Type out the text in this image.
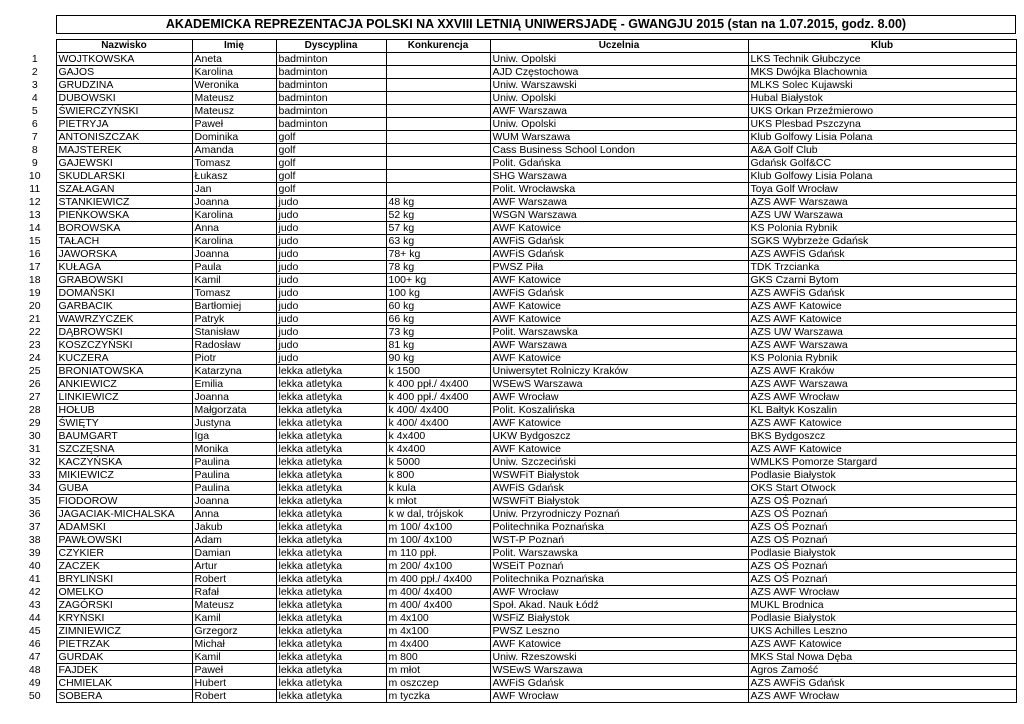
AKADEMICKA REPREZENTACJA POLSKI NA XXVIII LETNIĄ UNIWERSJADĘ - GWANGJU 2015 (stan na 1.07.2015, godz. 8.00)
	Nazwisko	Imię	Dyscyplina	Konkurencja	Uczelnia	Klub
1	WOJTKOWSKA	Aneta	badminton		Uniw. Opolski	LKS Technik Głubczyce
2	GAJOS	Karolina	badminton		AJD Częstochowa	MKS Dwójka Blachownia
3	GRUDZINA	Weronika	badminton		Uniw. Warszawski	MLKS Solec Kujawski
4	DUBOWSKI	Mateusz	badminton		Uniw. Opolski	Hubal Białystok
5	ŚWIERCZYŃSKI	Mateusz	badminton		AWF Warszawa	UKS Orkan Przeźmierowo
6	PIETRYJA	Paweł	badminton		Uniw. Opolski	UKS Plesbad Pszczyna
7	ANTONISZCZAK	Dominika	golf		WUM Warszawa	Klub Golfowy Lisia Polana
8	MAJSTEREK	Amanda	golf		Cass Business School London	A&A Golf Club
9	GAJEWSKI	Tomasz	golf		Polit. Gdańska	Gdańsk Golf&CC
10	SKUDLARSKI	Łukasz	golf		SHG Warszawa	Klub Golfowy Lisia Polana
11	SZAŁAGAN	Jan	golf		Polit. Wrocławska	Toya Golf Wrocław
12	STANKIEWICZ	Joanna	judo	48 kg	AWF Warszawa	AZS AWF Warszawa
13	PIEŃKOWSKA	Karolina	judo	52 kg	WSGN Warszawa	AZS UW Warszawa
14	BOROWSKA	Anna	judo	57 kg	AWF Katowice	KS Polonia Rybnik
15	TAŁACH	Karolina	judo	63 kg	AWFiS Gdańsk	SGKS Wybrzeże Gdańsk
16	JAWORSKA	Joanna	judo	78+ kg	AWFiS Gdańsk	AZS AWFiS Gdańsk
17	KUŁAGA	Paula	judo	78 kg	PWSZ Piła	TDK Trzcianka
18	GRABOWSKI	Kamil	judo	100+ kg	AWF Katowice	GKS Czarni Bytom
19	DOMAŃSKI	Tomasz	judo	100 kg	AWFiS Gdańsk	AZS AWFiS Gdańsk
20	GARBACIK	Bartłomiej	judo	60 kg	AWF Katowice	AZS AWF Katowice
21	WAWRZYCZEK	Patryk	judo	66 kg	AWF Katowice	AZS AWF Katowice
22	DĄBROWSKI	Stanisław	judo	73 kg	Polit. Warszawska	AZS UW Warszawa
23	KOSZCZYŃSKI	Radosław	judo	81 kg	AWF Warszawa	AZS AWF Warszawa
24	KUCZERA	Piotr	judo	90 kg	AWF Katowice	KS Polonia Rybnik
25	BRONIATOWSKA	Katarzyna	lekka atletyka	k 1500	Uniwersytet Rolniczy Kraków	AZS AWF Kraków
26	ANKIEWICZ	Emilia	lekka atletyka	k 400 ppł./ 4x400	WSEwS Warszawa	AZS AWF Warszawa
27	LINKIEWICZ	Joanna	lekka atletyka	k 400 ppł./ 4x400	AWF Wrocław	AZS AWF Wrocław
28	HOŁUB	Małgorzata	lekka atletyka	k 400/ 4x400	Polit. Koszalińska	KL Bałtyk Koszalin
29	ŚWIĘTY	Justyna	lekka atletyka	k 400/ 4x400	AWF Katowice	AZS AWF Katowice
30	BAUMGART	Iga	lekka atletyka	k 4x400	UKW Bydgoszcz	BKS Bydgoszcz
31	SZCZĘSNA	Monika	lekka atletyka	k 4x400	AWF Katowice	AZS AWF Katowice
32	KACZYŃSKA	Paulina	lekka atletyka	k 5000	Uniw. Szczeciński	WMLKS Pomorze Stargard
33	MIKIEWICZ	Paulina	lekka atletyka	k 800	WSWFiT Białystok	Podlasie Białystok
34	GUBA	Paulina	lekka atletyka	k kula	AWFiS Gdańsk	OKS Start Otwock
35	FIODOROW	Joanna	lekka atletyka	k młot	WSWFiT Białystok	AZS OŚ Poznań
36	JAGACIAK-MICHALSKA	Anna	lekka atletyka	k w dal, trójskok	Uniw. Przyrodniczy Poznań	AZS OŚ Poznań
37	ADAMSKI	Jakub	lekka atletyka	m 100/ 4x100	Politechnika Poznańska	AZS OŚ Poznań
38	PAWŁOWSKI	Adam	lekka atletyka	m 100/ 4x100	WST-P Poznań	AZS OŚ Poznań
39	CZYKIER	Damian	lekka atletyka	m 110 ppł.	Polit. Warszawska	Podlasie Białystok
40	ZACZEK	Artur	lekka atletyka	m 200/ 4x100	WSEiT Poznań	AZS OŚ Poznań
41	BRYLIŃSKI	Robert	lekka atletyka	m 400 ppł./ 4x400	Politechnika Poznańska	AZS OŚ Poznań
42	OMELKO	Rafał	lekka atletyka	m 400/ 4x400	AWF Wrocław	AZS AWF Wrocław
43	ZAGÓRSKI	Mateusz	lekka atletyka	m 400/ 4x400	Społ. Akad. Nauk Łódź	MUKL Brodnica
44	KRYŃSKI	Kamil	lekka atletyka	m 4x100	WSFiZ Białystok	Podlasie Białystok
45	ZIMNIEWICZ	Grzegorz	lekka atletyka	m 4x100	PWSZ Leszno	UKS Achilles Leszno
46	PIETRZAK	Michał	lekka atletyka	m 4x400	AWF Katowice	AZS AWF Katowice
47	GURDAK	Kamil	lekka atletyka	m 800	Uniw. Rzeszowski	MKS Stal Nowa Dęba
48	FAJDEK	Paweł	lekka atletyka	m młot	WSEwS Warszawa	Agros Zamość
49	CHMIELAK	Hubert	lekka atletyka	m oszczep	AWFiS Gdańsk	AZS AWFiS Gdańsk
50	SOBERA	Robert	lekka atletyka	m tyczka	AWF Wrocław	AZS AWF Wrocław
